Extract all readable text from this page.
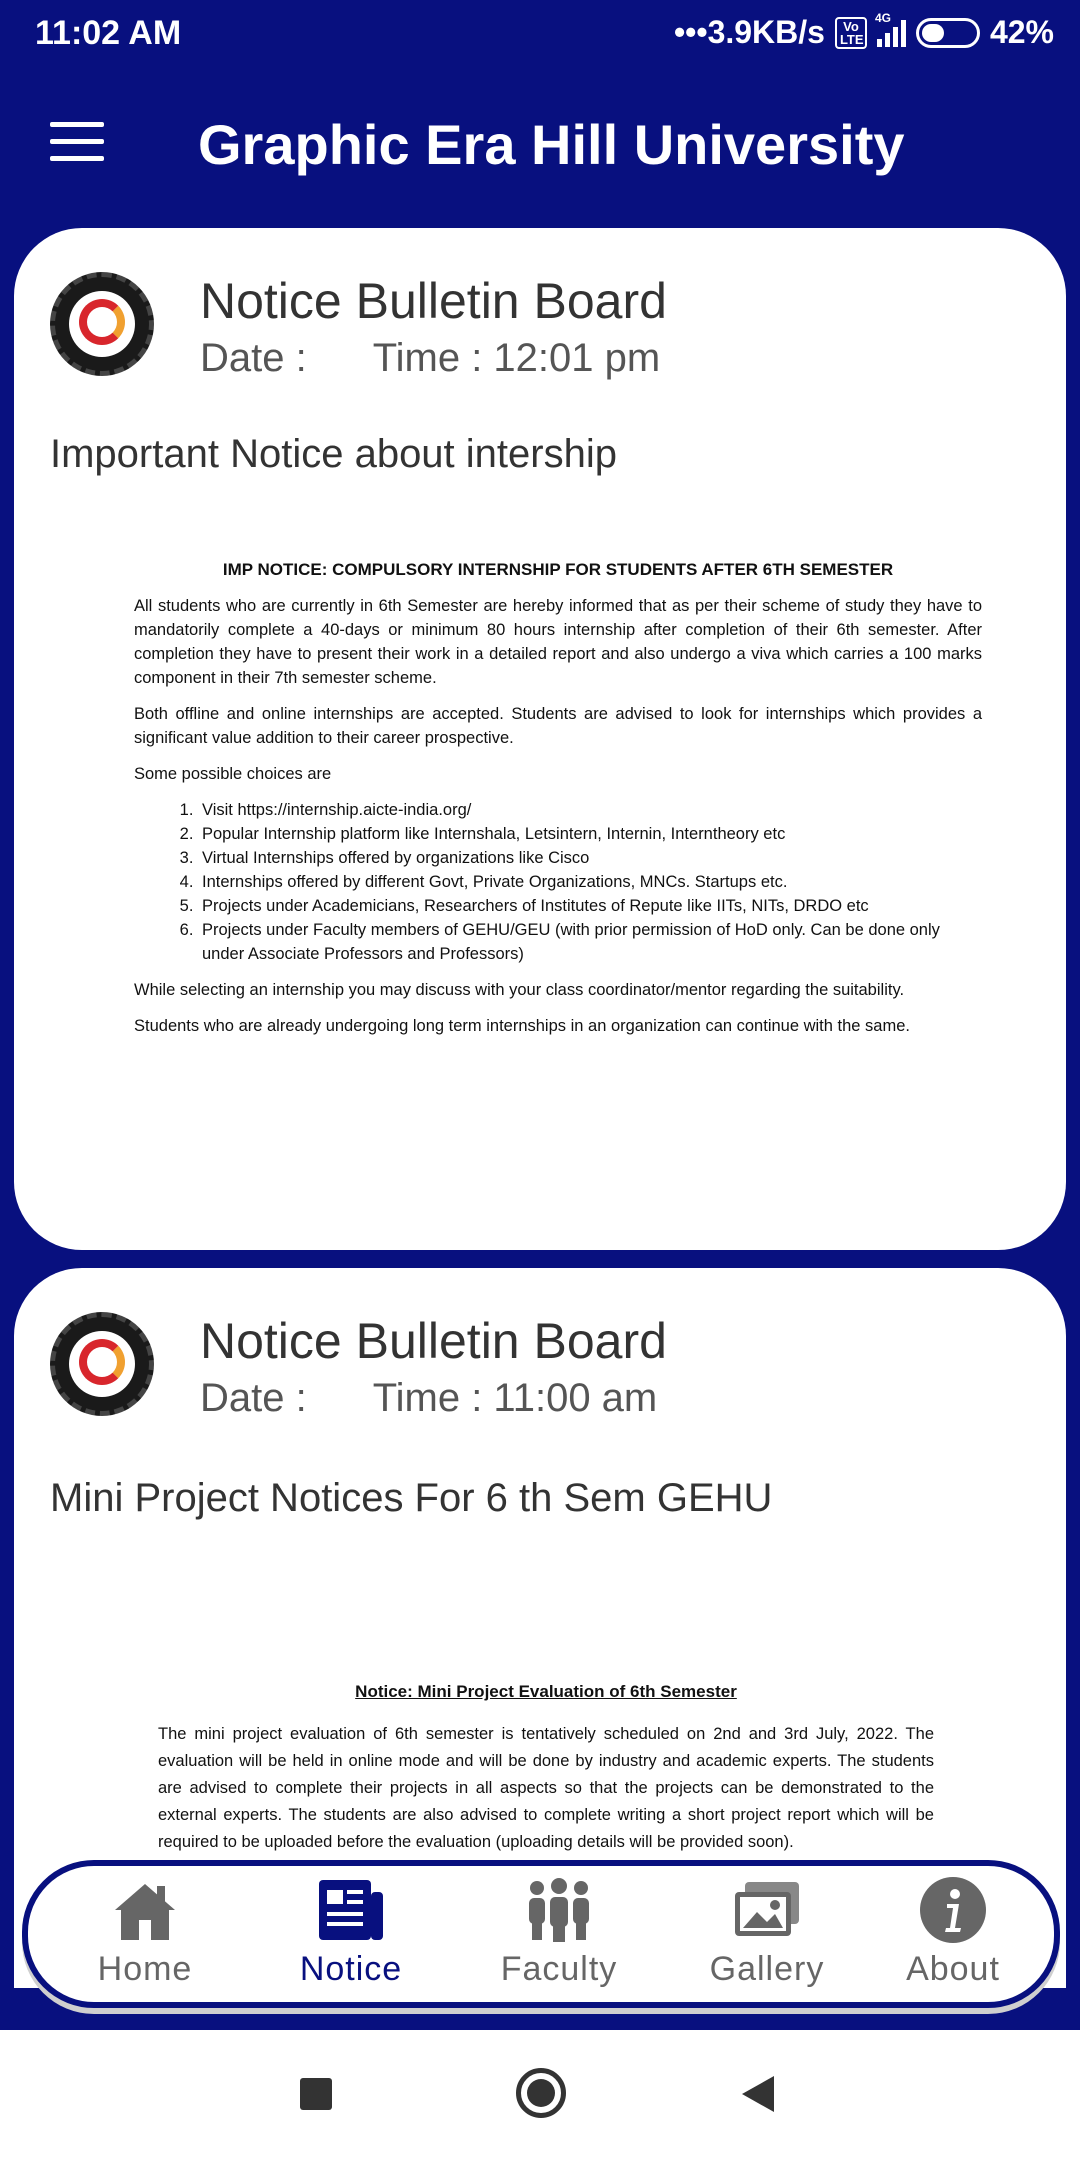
11:02 AM	•••3.9KB/s	Vo LTE
4G	42%
Graphic Era Hill University
Notice Bulletin Board
Date : Time : 12:01 pm
Important Notice about intership
IMP NOTICE: COMPULSORY INTERNSHIP FOR STUDENTS AFTER 6TH SEMESTER

All students who are currently in 6th Semester are hereby informed that as per their scheme of study they have to mandatorily complete a 40-days or minimum 80 hours internship after completion of their 6th semester. After completion they have to present their work in a detailed report and also undergo a viva which carries a 100 marks component in their 7th semester scheme.

Both offline and online internships are accepted. Students are advised to look for internships which provides a significant value addition to their career prospective.

Some possible choices are

1. Visit https://internship.aicte-india.org/
2. Popular Internship platform like Internshala, Letsintern, Internin, Interntheory etc
3. Virtual Internships offered by organizations like Cisco
4. Internships offered by different Govt, Private Organizations, MNCs. Startups etc.
5. Projects under Academicians, Researchers of Institutes of Repute like IITs, NITs, DRDO etc
6. Projects under Faculty members of GEHU/GEU (with prior permission of HoD only. Can be done only under Associate Professors and Professors)

While selecting an internship you may discuss with your class coordinator/mentor regarding the suitability.

Students who are already undergoing long term internships in an organization can continue with the same.

Notice Bulletin Board
Date : Time : 11:00 am
Mini Project Notices For 6 th Sem GEHU
Notice: Mini Project Evaluation of 6th Semester

The mini project evaluation of 6th semester is tentatively scheduled on 2nd and 3rd July, 2022. The evaluation will be held in online mode and will be done by industry and academic experts. The students are advised to complete their projects in all aspects so that the projects can be demonstrated to the external experts. The students are also advised to complete writing a short project report which will be required to be uploaded before the evaluation (uploading details will be provided soon).

Home	Notice	Faculty	Gallery	About
